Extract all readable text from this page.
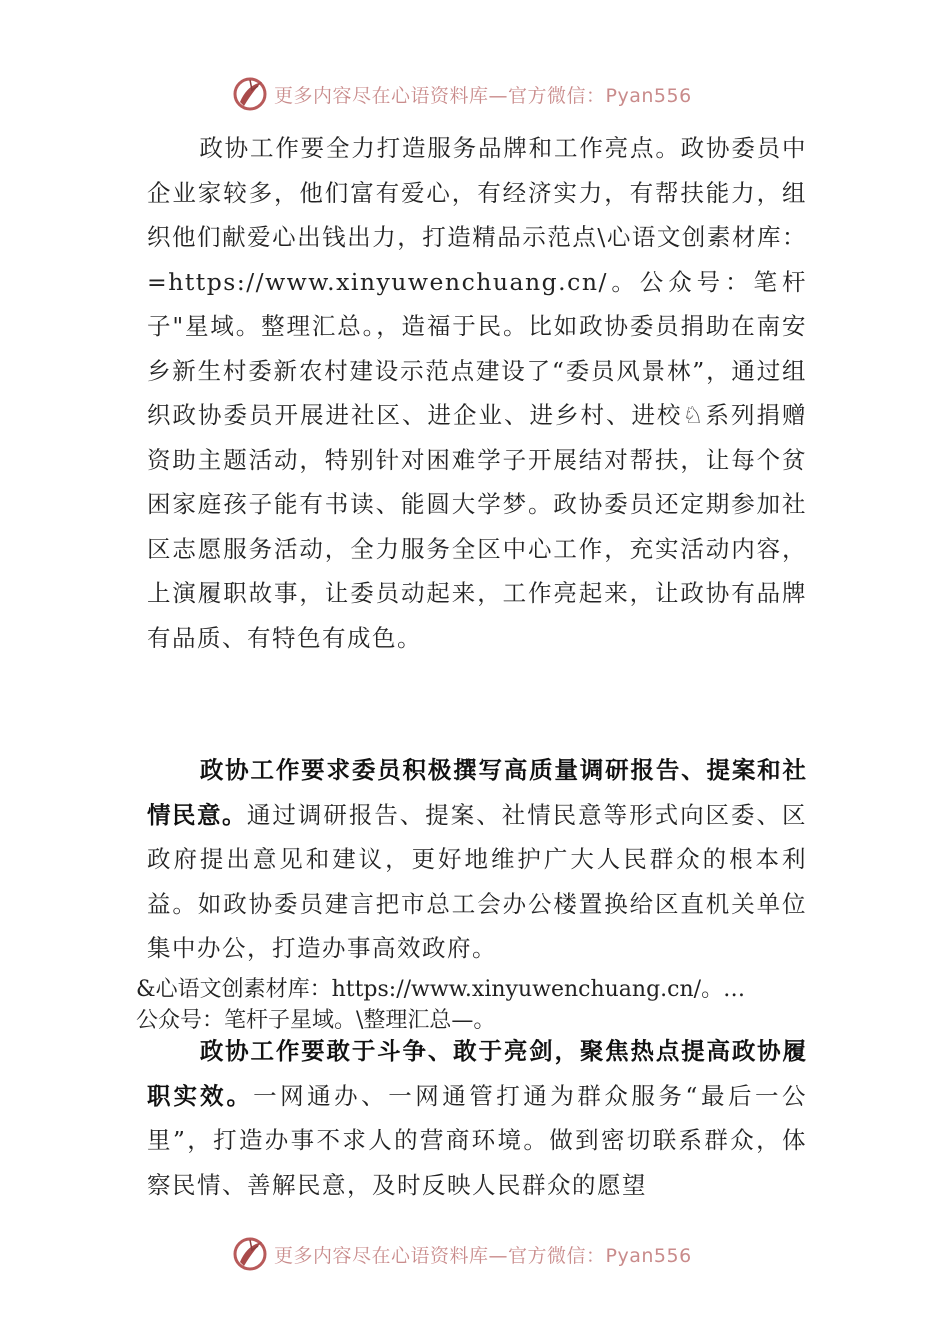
更多内容尽在心语资料库—官方微信：Pyan556

政协工作要全力打造服务品牌和工作亮点。政协委员中企业家较多，他们富有爱心，有经济实力，有帮扶能力，组织他们献爱心出钱出力，打造精品示范点\心语文创素材库：=https://www.xinyuwenchuang.cn/。公众号：笔杆子"星域。整理汇总。，造福于民。比如政协委员捐助在南安乡新生村委新农村建设示范点建设了“委员风景林”，通过组织政协委员开展进社区、进企业、进乡村、进校♘系列捐赠资助主题活动，特别针对困难学子开展结对帮扶，让每个贫困家庭孩子能有书读、能圆大学梦。政协委员还定期参加社区志愿服务活动，全力服务全区中心工作，充实活动内容， 上演履职故事，让委员动起来，工作亮起来，让政协有品牌有品质、有特色有成色。

政协工作要求委员积极撰写高质量调研报告、提案和社情民意。通过调研报告、提案、社情民意等形式向区委、区政府提出意见和建议，更好地维护广大人民群众的根本利益。如政协委员建言把市总工会办公楼置换给区直机关单位集中办公，打造办事高效政府。

&心语文创素材库：https://www.xinyuwenchuang.cn/。…

公众号：笔杆子星域。\整理汇总—。

政协工作要敢于斗争、敢于亮剑，聚焦热点提高政协履职实效。一网通办、一网通管打通为群众服务“最后一公里”，打造办事不求人的营商环境。做到密切联系群众，体察民情、善解民意，及时反映人民群众的愿望

更多内容尽在心语资料库—官方微信：Pyan556
